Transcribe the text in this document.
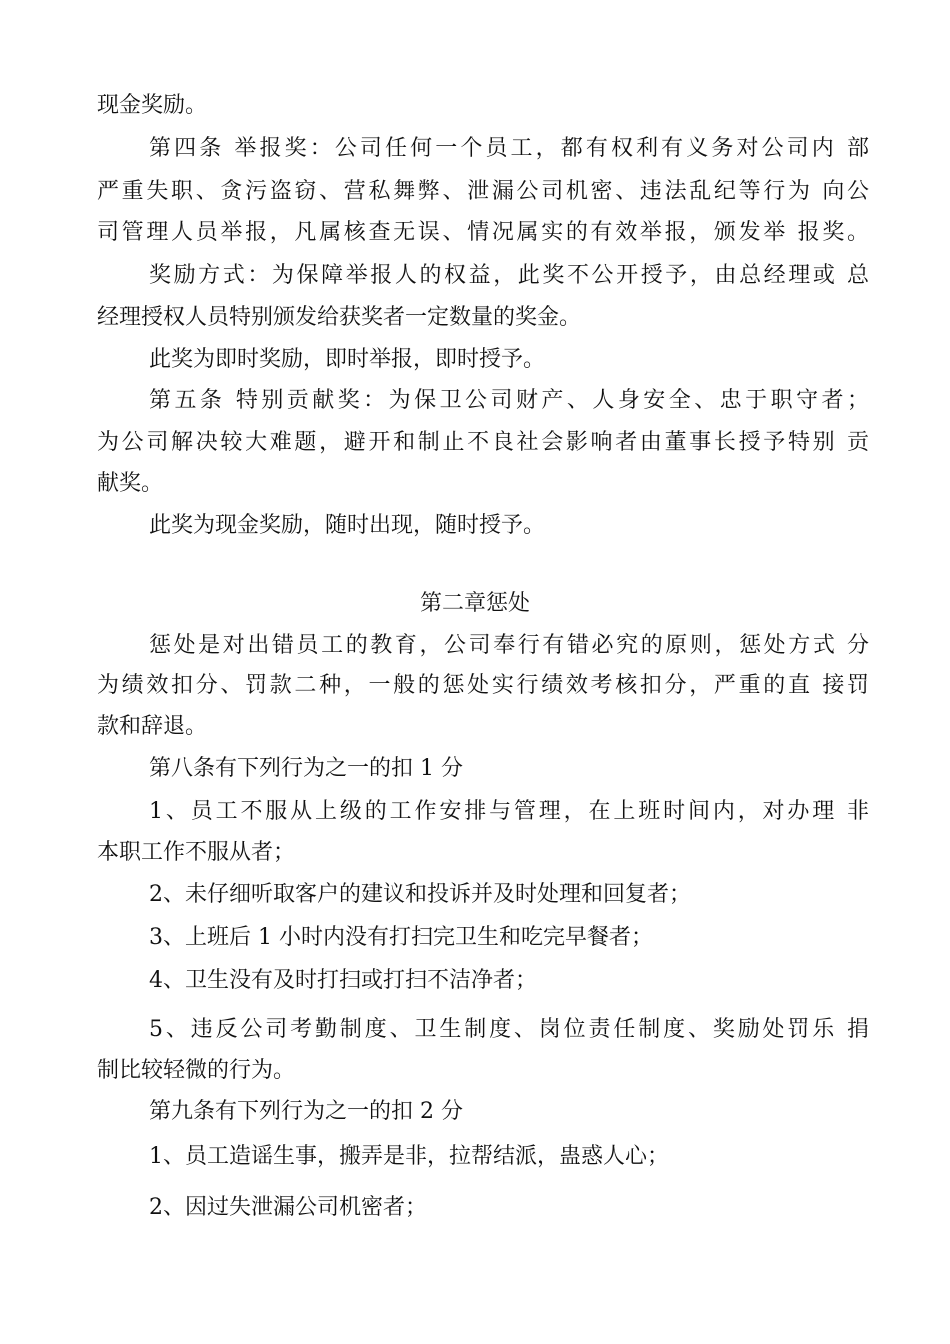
现金奖励。
第四条 举报奖：公司任何一个员工，都有权利有义务对公司内 部
严重失职、贪污盗窃、营私舞弊、泄漏公司机密、违法乱纪等行为 向公
司管理人员举报，凡属核查无误、情况属实的有效举报，颁发举 报奖。
奖励方式：为保障举报人的权益，此奖不公开授予，由总经理或 总
经理授权人员特别颁发给获奖者一定数量的奖金。
此奖为即时奖励，即时举报，即时授予。
第五条 特别贡献奖：为保卫公司财产、人身安全、忠于职守者；
为公司解决较大难题，避开和制止不良社会影响者由董事长授予特别 贡
献奖。
此奖为现金奖励，随时出现，随时授予。
第二章惩处
惩处是对出错员工的教育，公司奉行有错必究的原则，惩处方式 分
为绩效扣分、罚款二种，一般的惩处实行绩效考核扣分，严重的直 接罚
款和辞退。
第八条有下列行为之一的扣 1 分
1、员工不服从上级的工作安排与管理，在上班时间内，对办理 非
本职工作不服从者；
2、未仔细听取客户的建议和投诉并及时处理和回复者；
3、上班后 1 小时内没有打扫完卫生和吃完早餐者；
4、卫生没有及时打扫或打扫不洁净者；
5、违反公司考勤制度、卫生制度、岗位责任制度、奖励处罚乐 捐
制比较轻微的行为。
第九条有下列行为之一的扣 2 分
1、员工造谣生事，搬弄是非，拉帮结派，蛊惑人心；
2、因过失泄漏公司机密者；
